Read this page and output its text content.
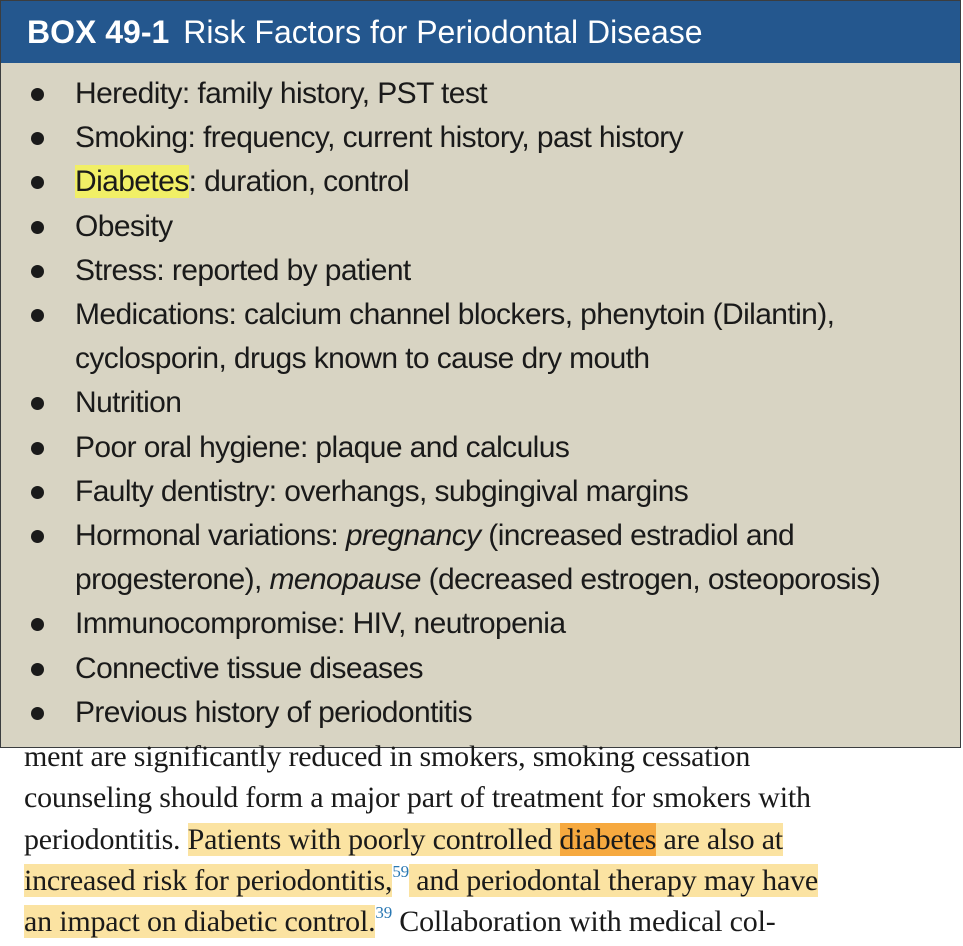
BOX 49-1 Risk Factors for Periodontal Disease
Heredity: family history, PST test
Smoking: frequency, current history, past history
Diabetes: duration, control
Obesity
Stress: reported by patient
Medications: calcium channel blockers, phenytoin (Dilantin), cyclosporin, drugs known to cause dry mouth
Nutrition
Poor oral hygiene: plaque and calculus
Faulty dentistry: overhangs, subgingival margins
Hormonal variations: pregnancy (increased estradiol and progesterone), menopause (decreased estrogen, osteoporosis)
Immunocompromise: HIV, neutropenia
Connective tissue diseases
Previous history of periodontitis
ment are significantly reduced in smokers, smoking cessation
counseling should form a major part of treatment for smokers with
periodontitis. Patients with poorly controlled diabetes are also at
increased risk for periodontitis,$^{59}$ and periodontal therapy may have
an impact on diabetic control.$^{39}$ Collaboration with medical col-
